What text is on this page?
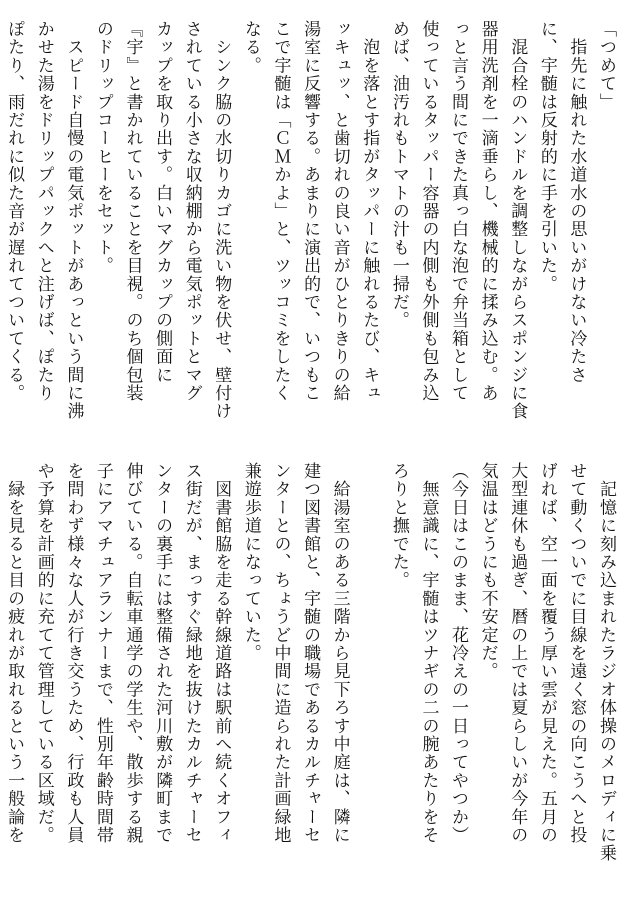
「つめて」
　指先に触れた水道水の思いがけない冷たさ
に、宇髄は反射的に手を引いた。
　混合栓のハンドルを調整しながらスポンジに食
器用洗剤を一滴垂らし、機械的に揉み込む。あ
っと言う間にできた真っ白な泡で弁当箱として
使っているタッパー容器の内側も外側も包み込
めば、油汚れもトマトの汁も一掃だ。
　泡を落とす指がタッパーに触れるたび、キュ
ッキュッ、と歯切れの良い音がひとりきりの給
湯室に反響する。あまりに演出的で、いつもこ
こで宇髄は「ＣＭかよ」と、ツッコミをしたく
なる。
　シンク脇の水切りカゴに洗い物を伏せ、壁付け
されている小さな収納棚から電気ポットとマグ
カップを取り出す。白いマグカップの側面に
『宇』と書かれていることを目視。のち個包装
のドリップコーヒーをセット。
　スピード自慢の電気ポットがあっという間に沸
かせた湯をドリップパックへと注げば、ぽたり
ぽたり、雨だれに似た音が遅れてついてくる。
　記憶に刻み込まれたラジオ体操のメロディに乗
せて動くついでに目線を遠く窓の向こうへと投
げれば、空一面を覆う厚い雲が見えた。五月の
大型連休も過ぎ、暦の上では夏らしいが今年の
気温はどうにも不安定だ。
（今日はこのまま、花冷えの一日ってやつか）
　無意識に、宇髄はツナギの二の腕あたりをそ
ろりと撫でた。

　給湯室のある三階から見下ろす中庭は、隣に
建つ図書館と、宇髄の職場であるカルチャーセ
ンターとの、ちょうど中間に造られた計画緑地
兼遊歩道になっていた。
　図書館脇を走る幹線道路は駅前へ続くオフィ
ス街だが、まっすぐ緑地を抜けたカルチャーセ
ンターの裏手には整備された河川敷が隣町まで
伸びている。自転車通学の学生や、散歩する親
子にアマチュアランナーまで、性別年齢時間帯
を問わず様々な人が行き交うため、行政も人員
や予算を計画的に充てて管理している区域だ。
　緑を見ると目の疲れが取れるという一般論を
